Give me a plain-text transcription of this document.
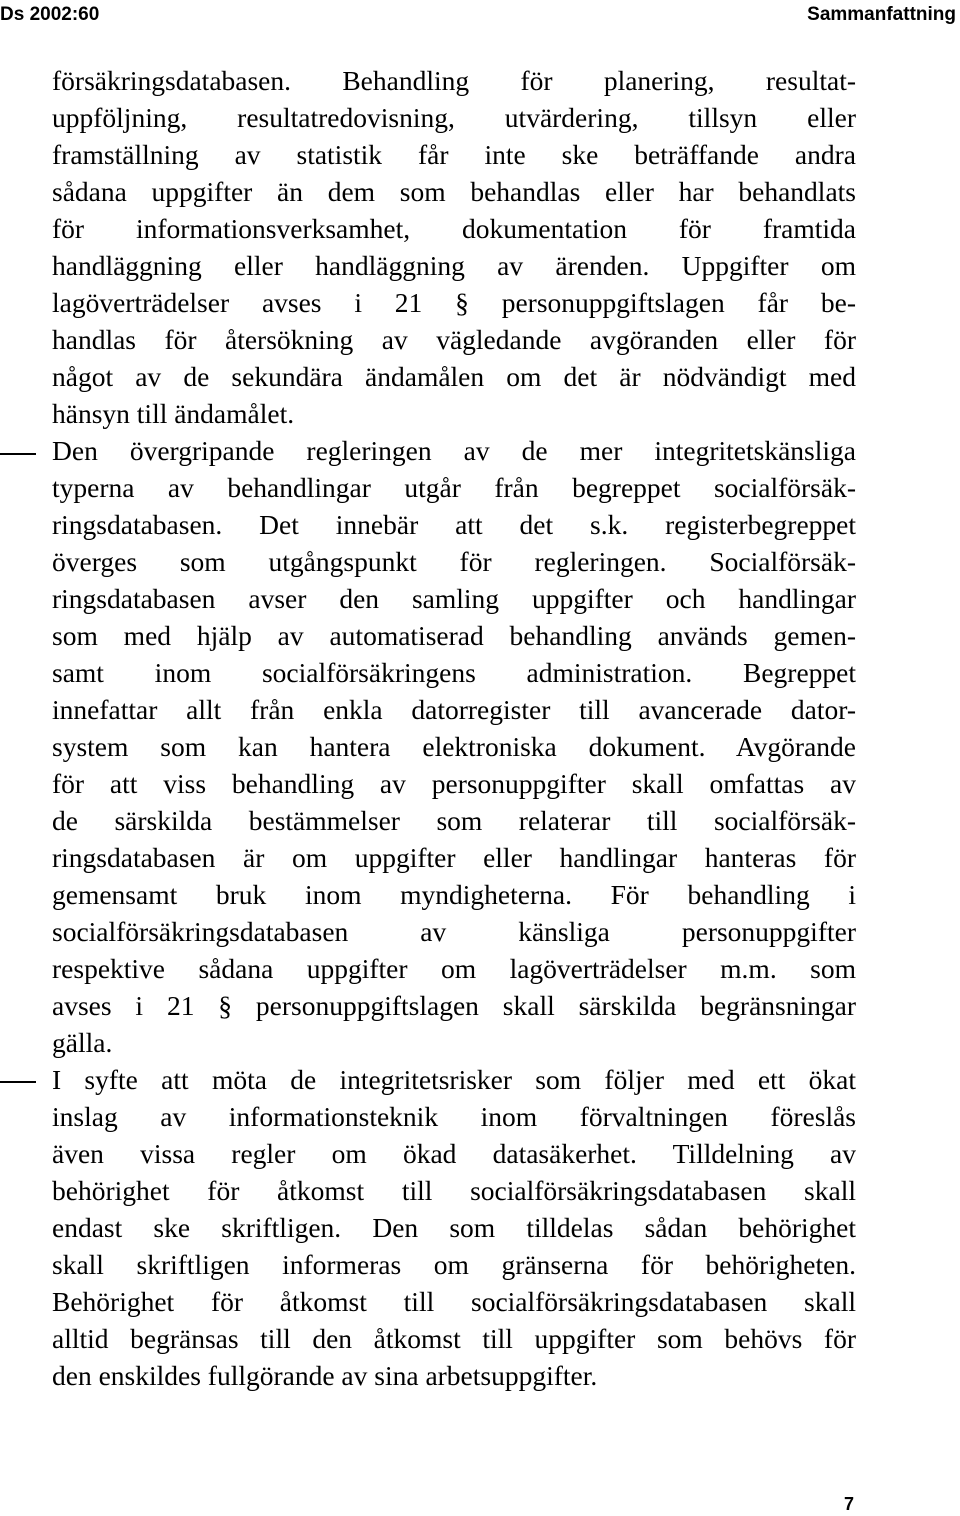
Ds 2002:60	Sammanfattning
försäkringsdatabasen. Behandling för planering, resultat-
uppföljning, resultatredovisning, utvärdering, tillsyn eller
framställning av statistik får inte ske beträffande andra
sådana uppgifter än dem som behandlas eller har behandlats
för informationsverksamhet, dokumentation för framtida
handläggning eller handläggning av ärenden. Uppgifter om
lagöverträdelser avses i 21 § personuppgiftslagen får be-
handlas för återsökning av vägledande avgöranden eller för
något av de sekundära ändamålen om det är nödvändigt med
hänsyn till ändamålet.
Den övergripande regleringen av de mer integritetskänsliga
typerna av behandlingar utgår från begreppet socialförsäk-
ringsdatabasen. Det innebär att det s.k. registerbegreppet
överges som utgångspunkt för regleringen. Socialförsäk-
ringsdatabasen avser den samling uppgifter och handlingar
som med hjälp av automatiserad behandling används gemen-
samt inom socialförsäkringens administration. Begreppet
innefattar allt från enkla datorregister till avancerade dator-
system som kan hantera elektroniska dokument. Avgörande
för att viss behandling av personuppgifter skall omfattas av
de särskilda bestämmelser som relaterar till socialförsäk-
ringsdatabasen är om uppgifter eller handlingar hanteras för
gemensamt bruk inom myndigheterna. För behandling i
socialförsäkringsdatabasen av känsliga personuppgifter
respektive sådana uppgifter om lagöverträdelser m.m. som
avses i 21 § personuppgiftslagen skall särskilda begränsningar
gälla.
I syfte att möta de integritetsrisker som följer med ett ökat
inslag av informationsteknik inom förvaltningen föreslås
även vissa regler om ökad datasäkerhet. Tilldelning av
behörighet för åtkomst till socialförsäkringsdatabasen skall
endast ske skriftligen. Den som tilldelas sådan behörighet
skall skriftligen informeras om gränserna för behörigheten.
Behörighet för åtkomst till socialförsäkringsdatabasen skall
alltid begränsas till den åtkomst till uppgifter som behövs för
den enskildes fullgörande av sina arbetsuppgifter.
7
